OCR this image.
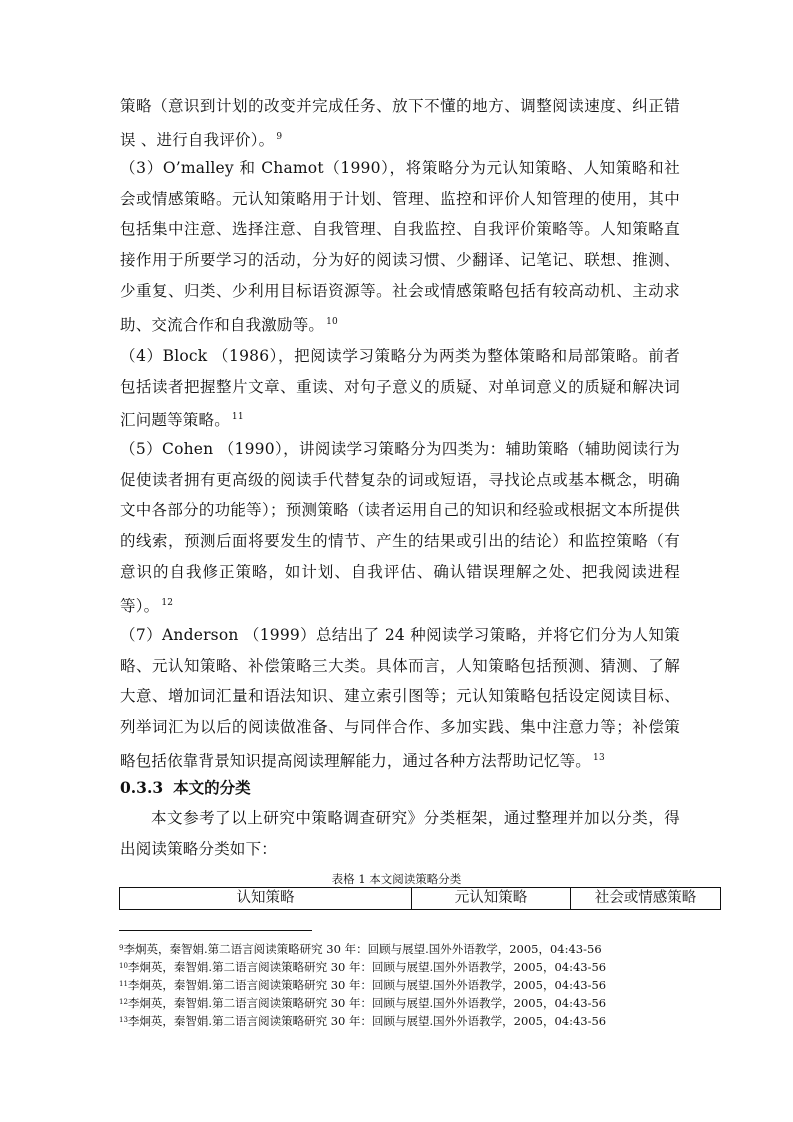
策略（意识到计划的改变并完成任务、放下不懂的地方、调整阅读速度、纠正错误 、进行自我评价）。 $^9$

（3）O’malley 和 Chamot（1990），将策略分为元认知策略、人知策略和社会或情感策略。元认知策略用于计划、管理、监控和评价人知管理的使用，其中包括集中注意、选择注意、自我管理、自我监控、自我评价策略等。人知策略直接作用于所要学习的活动，分为好的阅读习惯、少翻译、记笔记、联想、推测、少重复、归类、少利用目标语资源等。社会或情感策略包括有较高动机、主动求助、交流合作和自我激励等。 $^{10}$

（4）Block （1986），把阅读学习策略分为两类为整体策略和局部策略。前者包括读者把握整片文章、重读、对句子意义的质疑、对单词意义的质疑和解决词汇问题等策略。 $^{11}$

（5）Cohen （1990），讲阅读学习策略分为四类为：辅助策略（辅助阅读行为促使读者拥有更高级的阅读手代替复杂的词或短语，寻找论点或基本概念，明确文中各部分的功能等）；预测策略（读者运用自己的知识和经验或根据文本所提供的线索，预测后面将要发生的情节、产生的结果或引出的结论）和监控策略（有意识的自我修正策略，如计划、自我评估、确认错误理解之处、把我阅读进程等）。 $^{12}$

（7）Anderson （1999）总结出了 24 种阅读学习策略，并将它们分为人知策略、元认知策略、补偿策略三大类。具体而言，人知策略包括预测、猜测、了解大意、增加词汇量和语法知识、建立索引图等；元认知策略包括设定阅读目标、列举词汇为以后的阅读做准备、与同伴合作、多加实践、集中注意力等；补偿策略包括依靠背景知识提高阅读理解能力，通过各种方法帮助记忆等。 $^{13}$

0.3.3 本文的分类

本文参考了以上研究中策略调查研究》分类框架，通过整理并加以分类，得出阅读策略分类如下：

表格 1 本文阅读策略分类
认知策略	元认知策略	社会或情感策略
$^9$李炯英，秦智娟.第二语言阅读策略研究 30 年：回顾与展望.国外外语教学，2005，04:43-56
$^{10}$李炯英，秦智娟.第二语言阅读策略研究 30 年：回顾与展望.国外外语教学，2005，04:43-56
$^{11}$李炯英，秦智娟.第二语言阅读策略研究 30 年：回顾与展望.国外外语教学，2005，04:43-56
$^{12}$李炯英，秦智娟.第二语言阅读策略研究 30 年：回顾与展望.国外外语教学，2005，04:43-56
$^{13}$李炯英，秦智娟.第二语言阅读策略研究 30 年：回顾与展望.国外外语教学，2005，04:43-56
